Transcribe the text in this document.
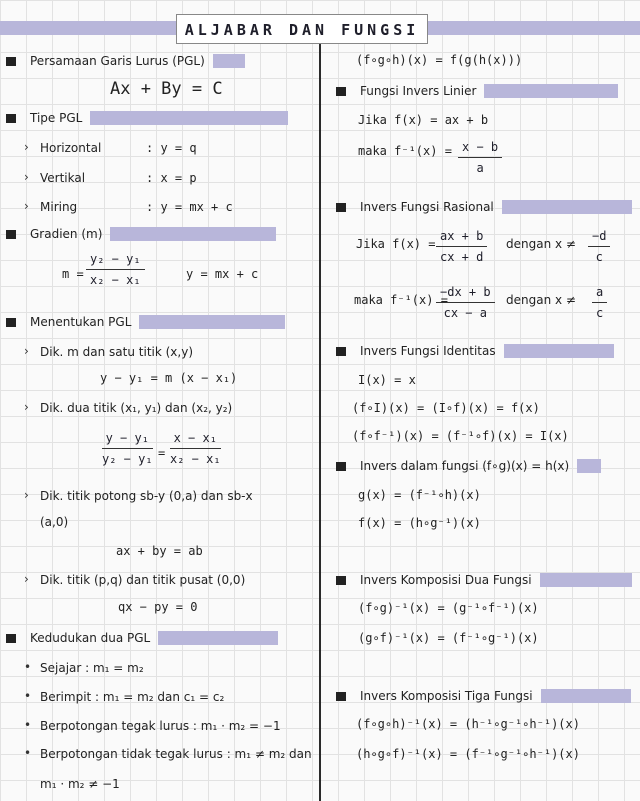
ALJABAR DAN FUNGSI
Persamaan Garis Lurus (PGL)
Ax + By = C
Tipe PGL
› Horizontal	: y = q
› Vertikal	: x = p
› Miring	: y = mx + c
Gradien (m)
$m = \frac{\text{y₂ − y₁}}{\text{x₂ − x₁}}$	y = mx + c
Menentukan PGL
› Dik. m dan satu titik (x,y)
y − y₁ = m (x − x₁)
› Dik. dua titik (x₁, y₁) dan (x₂, y₂)
$\frac{\text{y − y₁}}{\text{y₂ − y₁}} = \frac{\text{x − x₁}}{\text{x₂ − x₁}}$
› Dik. titik potong sb-y (0,a) dan sb-x
(a,0)
ax + by = ab
› Dik. titik (p,q) dan titik pusat (0,0)
qx − py = 0
Kedudukan dua PGL
• Sejajar : m₁ = m₂
• Berimpit : m₁ = m₂ dan c₁ = c₂
• Berpotongan tegak lurus : m₁ · m₂ = −1
• Berpotongan tidak tegak lurus : m₁ ≠ m₂ dan
m₁ · m₂ ≠ −1
(f∘g∘h)(x) = f(g(h(x)))
Fungsi Invers Linier
Jika f(x) = ax + b
maka $f^{-1}(x) = \frac{x - b}{a}$
Invers Fungsi Rasional
Jika $f(x) = \frac{ax + b}{cx + d}$ dengan $x \ne \frac{-d}{c}$
maka f⁻¹(x) =
$\frac{-dx + b}{cx - a}$ dengan $x \ne \frac{a}{c}$
Invers Fungsi Identitas
I(x) = x
(f∘I)(x) = (I∘f)(x) = f(x)
(f∘f⁻¹)(x) = (f⁻¹∘f)(x) = I(x)
Invers dalam fungsi (f∘g)(x) = h(x)
g(x) = (f⁻¹∘h)(x)
f(x) = (h∘g⁻¹)(x)
Invers Komposisi Dua Fungsi
(f∘g)⁻¹(x) = (g⁻¹∘f⁻¹)(x)
(g∘f)⁻¹(x) = (f⁻¹∘g⁻¹)(x)
Invers Komposisi Tiga Fungsi
(f∘g∘h)⁻¹(x) = (h⁻¹∘g⁻¹∘h⁻¹)(x)
(h∘g∘f)⁻¹(x) = (f⁻¹∘g⁻¹∘h⁻¹)(x)
